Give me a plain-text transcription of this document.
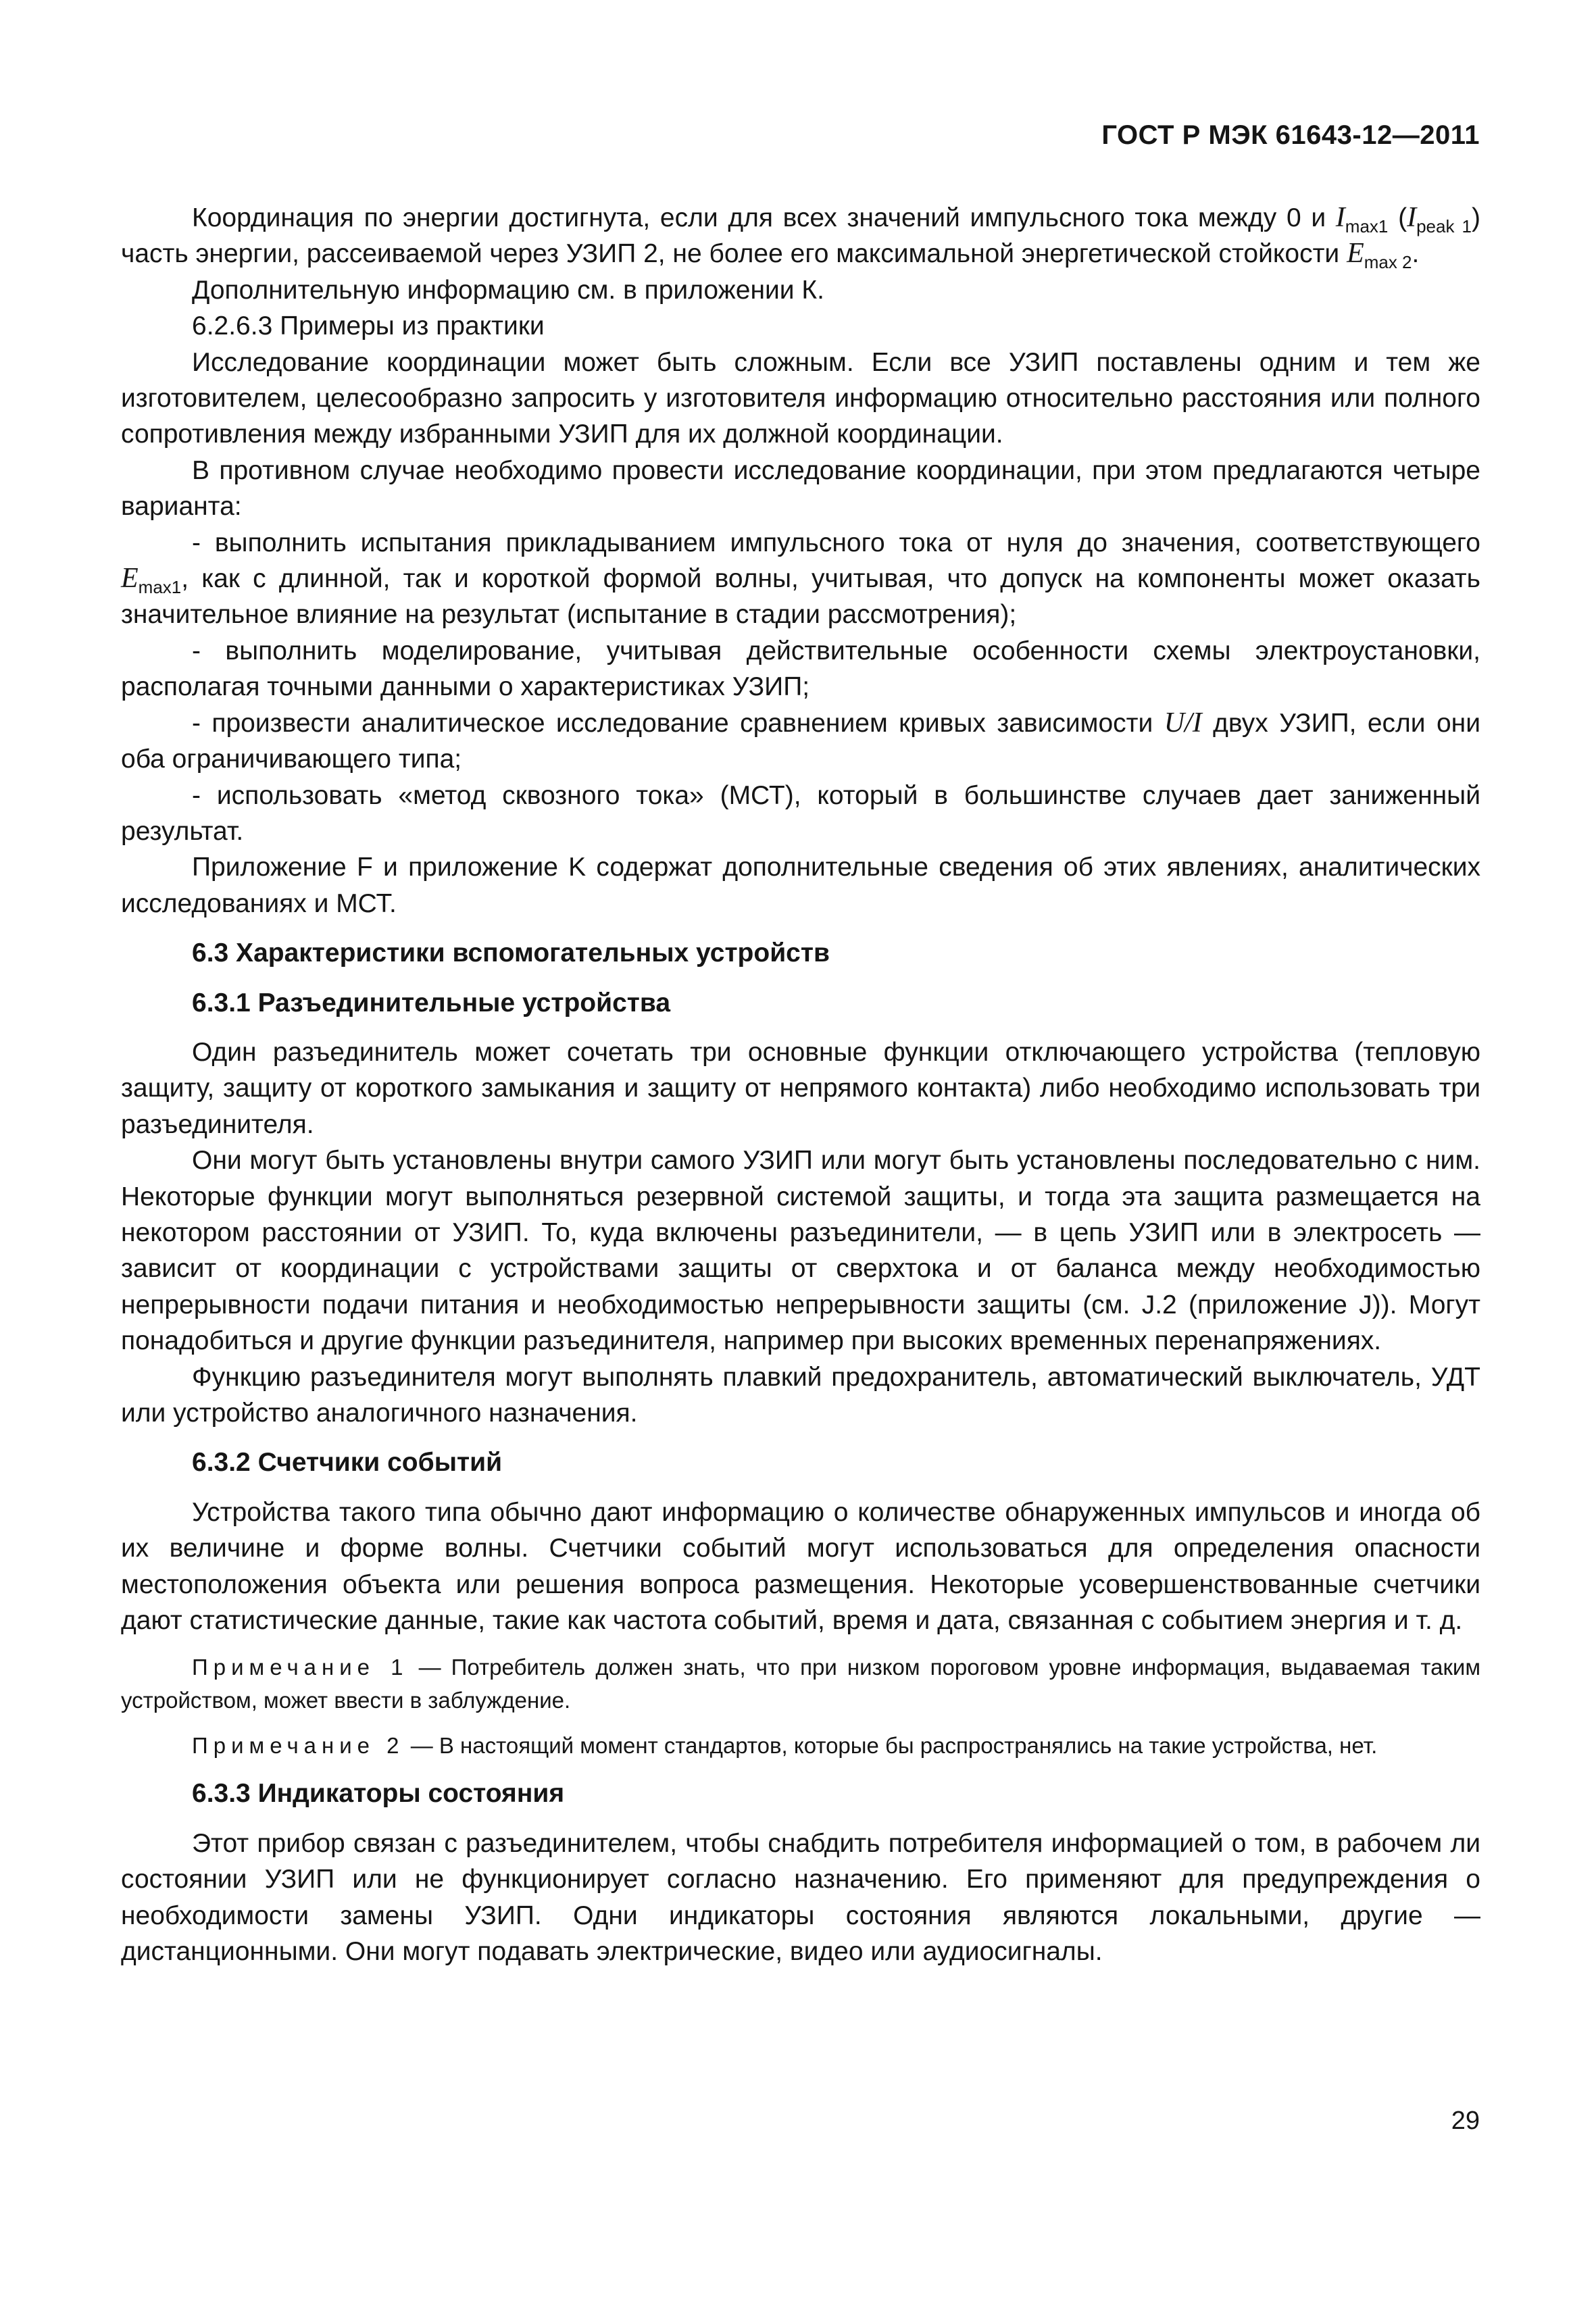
ГОСТ Р МЭК 61643-12—2011

Координация по энергии достигнута, если для всех значений импульсного тока между 0 и $I_{max1}$ $(I_{peak 1})$ часть энергии, рассеиваемой через УЗИП 2, не более его максимальной энергетической стойкости $E_{max 2}$.

Дополнительную информацию см. в приложении К.

6.2.6.3 Примеры из практики

Исследование координации может быть сложным. Если все УЗИП поставлены одним и тем же изготовителем, целесообразно запросить у изготовителя информацию относительно расстояния или полного сопротивления между избранными УЗИП для их должной координации.

В противном случае необходимо провести исследование координации, при этом предлагаются четыре варианта:

- выполнить испытания прикладыванием импульсного тока от нуля до значения, соответствующего $E_{max1}$, как с длинной, так и короткой формой волны, учитывая, что допуск на компоненты может оказать значительное влияние на результат (испытание в стадии рассмотрения);

- выполнить моделирование, учитывая действительные особенности схемы электроустановки, располагая точными данными о характеристиках УЗИП;

- произвести аналитическое исследование сравнением кривых зависимости U/I двух УЗИП, если они оба ограничивающего типа;

- использовать «метод сквозного тока» (МСТ), который в большинстве случаев дает заниженный результат.

Приложение F и приложение K содержат дополнительные сведения об этих явлениях, аналитических исследованиях и МСТ.

6.3 Характеристики вспомогательных устройств

6.3.1 Разъединительные устройства

Один разъединитель может сочетать три основные функции отключающего устройства (тепловую защиту, защиту от короткого замыкания и защиту от непрямого контакта) либо необходимо использовать три разъединителя.

Они могут быть установлены внутри самого УЗИП или могут быть установлены последовательно с ним. Некоторые функции могут выполняться резервной системой защиты, и тогда эта защита размещается на некотором расстоянии от УЗИП. То, куда включены разъединители, — в цепь УЗИП или в электросеть — зависит от координации с устройствами защиты от сверхтока и от баланса между необходимостью непрерывности подачи питания и необходимостью непрерывности защиты (см. J.2 (приложение J)). Могут понадобиться и другие функции разъединителя, например при высоких временных перенапряжениях.

Функцию разъединителя могут выполнять плавкий предохранитель, автоматический выключатель, УДТ или устройство аналогичного назначения.

6.3.2 Счетчики событий

Устройства такого типа обычно дают информацию о количестве обнаруженных импульсов и иногда об их величине и форме волны. Счетчики событий могут использоваться для определения опасности местоположения объекта или решения вопроса размещения. Некоторые усовершенствованные счетчики дают статистические данные, такие как частота событий, время и дата, связанная с событием энергия и т. д.

Примечание 1 — Потребитель должен знать, что при низком пороговом уровне информация, выдаваемая таким устройством, может ввести в заблуждение.

Примечание 2 — В настоящий момент стандартов, которые бы распространялись на такие устройства, нет.

6.3.3 Индикаторы состояния

Этот прибор связан с разъединителем, чтобы снабдить потребителя информацией о том, в рабочем ли состоянии УЗИП или не функционирует согласно назначению. Его применяют для предупреждения о необходимости замены УЗИП. Одни индикаторы состояния являются локальными, другие — дистанционными. Они могут подавать электрические, видео или аудиосигналы.

29
